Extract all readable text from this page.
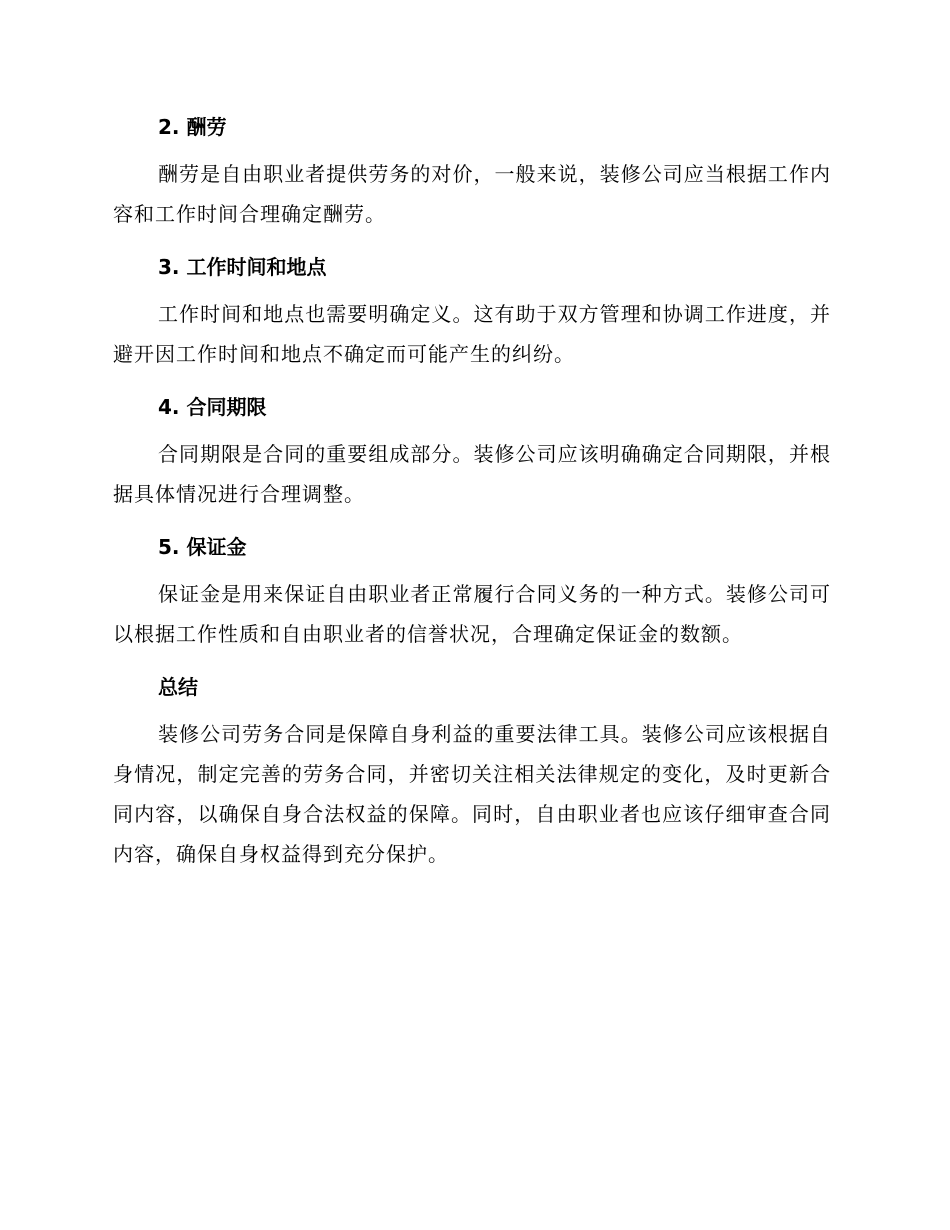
2. 酬劳

酬劳是自由职业者提供劳务的对价，一般来说，装修公司应当根据工作内容和工作时间合理确定酬劳。

3. 工作时间和地点

工作时间和地点也需要明确定义。这有助于双方管理和协调工作进度，并避开因工作时间和地点不确定而可能产生的纠纷。

4. 合同期限

合同期限是合同的重要组成部分。装修公司应该明确确定合同期限，并根据具体情况进行合理调整。

5. 保证金

保证金是用来保证自由职业者正常履行合同义务的一种方式。装修公司可以根据工作性质和自由职业者的信誉状况，合理确定保证金的数额。

总结

装修公司劳务合同是保障自身利益的重要法律工具。装修公司应该根据自身情况，制定完善的劳务合同，并密切关注相关法律规定的变化，及时更新合同内容，以确保自身合法权益的保障。同时，自由职业者也应该仔细审查合同内容，确保自身权益得到充分保护。
